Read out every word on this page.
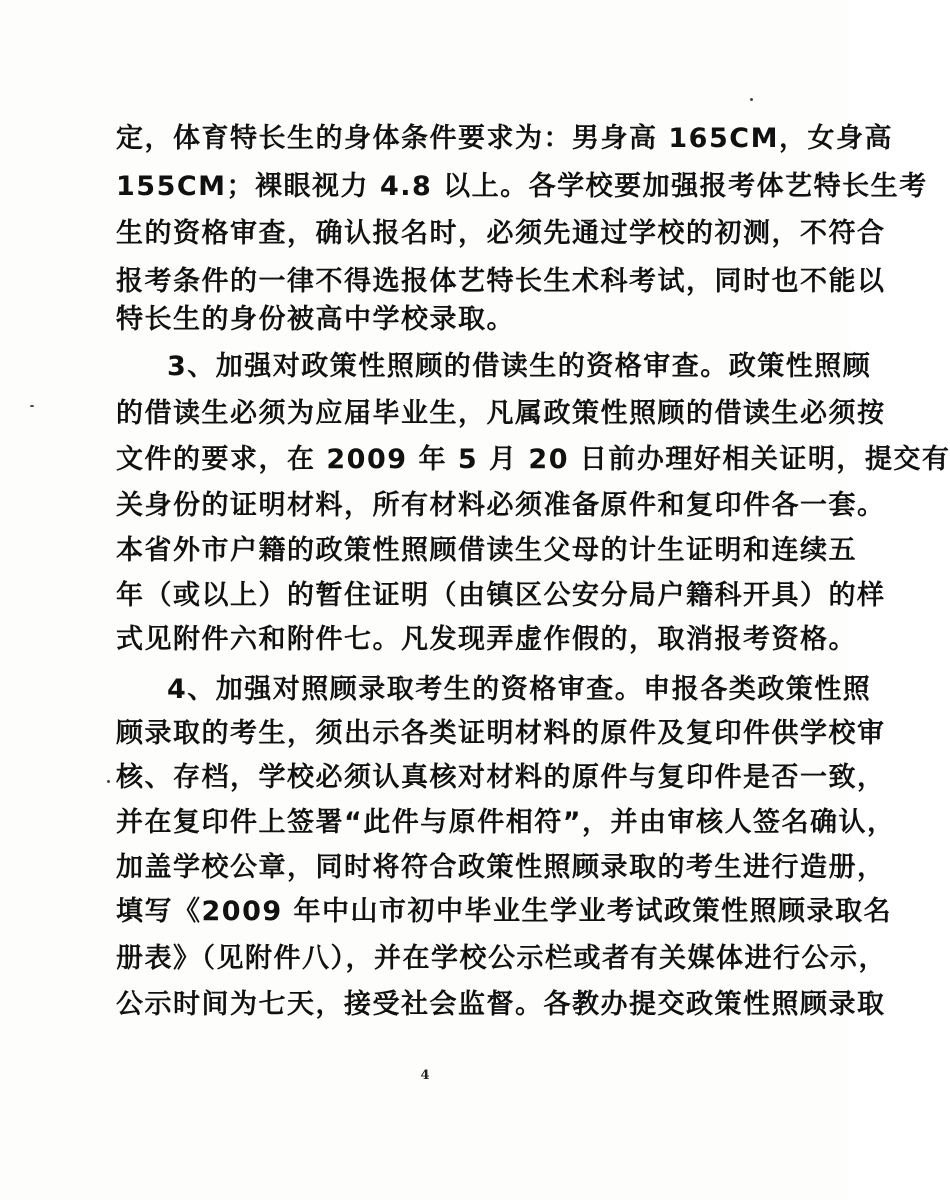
定，体育特长生的身体条件要求为：男身高 165CM，女身高
155CM；裸眼视力 4.8 以上。各学校要加强报考体艺特长生考
生的资格审查，确认报名时，必须先通过学校的初测，不符合
报考条件的一律不得选报体艺特长生术科考试，同时也不能以
特长生的身份被高中学校录取。
3、加强对政策性照顾的借读生的资格审查。政策性照顾
的借读生必须为应届毕业生，凡属政策性照顾的借读生必须按
文件的要求，在 2009 年 5 月 20 日前办理好相关证明，提交有
关身份的证明材料，所有材料必须准备原件和复印件各一套。
本省外市户籍的政策性照顾借读生父母的计生证明和连续五
年（或以上）的暂住证明（由镇区公安分局户籍科开具）的样
式见附件六和附件七。凡发现弄虚作假的，取消报考资格。
4、加强对照顾录取考生的资格审查。申报各类政策性照
顾录取的考生，须出示各类证明材料的原件及复印件供学校审
核、存档，学校必须认真核对材料的原件与复印件是否一致，
并在复印件上签署“此件与原件相符”，并由审核人签名确认，
加盖学校公章，同时将符合政策性照顾录取的考生进行造册，
填写《2009 年中山市初中毕业生学业考试政策性照顾录取名
册表》（见附件八），并在学校公示栏或者有关媒体进行公示，
公示时间为七天，接受社会监督。各教办提交政策性照顾录取
4
